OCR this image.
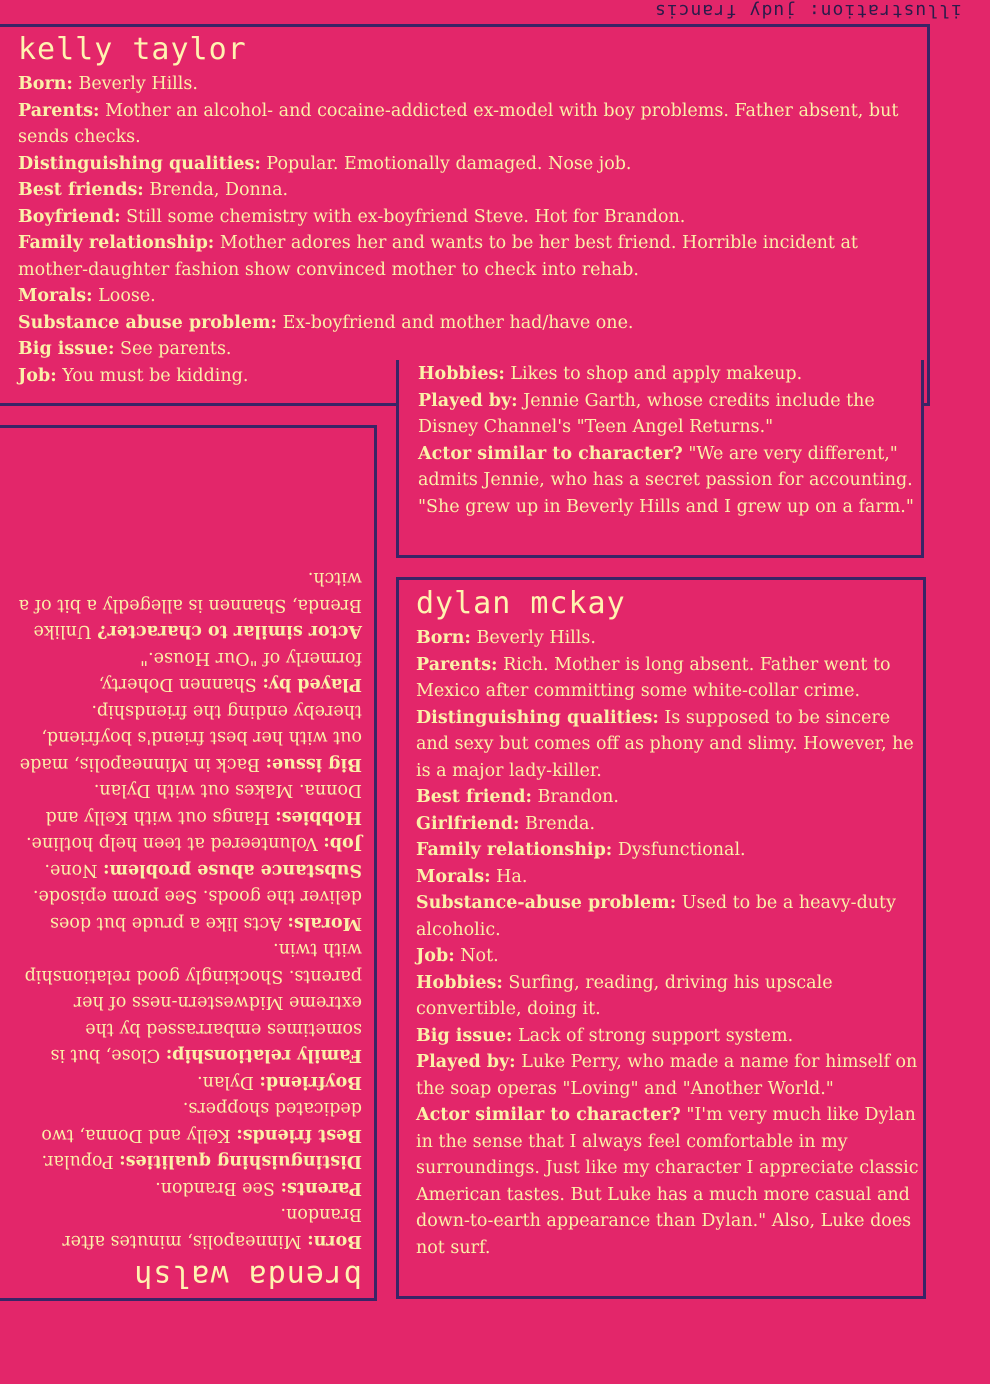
illustration: judy francis
kelly taylor

Born: Beverly Hills.

Parents: Mother an alcohol- and cocaine-addicted ex-model with boy problems. Father absent, but sends checks.

Distinguishing qualities: Popular. Emotionally damaged. Nose job.

Best friends: Brenda, Donna.

Boyfriend: Still some chemistry with ex-boyfriend Steve. Hot for Brandon.

Family relationship: Mother adores her and wants to be her best friend. Horrible incident at mother-daughter fashion show convinced mother to check into rehab.

Morals: Loose.

Substance abuse problem: Ex-boyfriend and mother had/have one.

Big issue: See parents.

Job: You must be kidding.	Hobbies: Likes to shop and apply makeup.

Played by: Jennie Garth, whose credits include the Disney Channel's "Teen Angel Returns."

Actor similar to character? "We are very different," admits Jennie, who has a secret passion for accounting. "She grew up in Beverly Hills and I grew up on a farm."

brenda walsh

Born: Minneapolis, minutes after Brandon.

Parents: See Brandon.

Distinguishing qualities: Popular.

Best friends: Kelly and Donna, two dedicated shoppers.

Boyfriend: Dylan.

Family relationship: Close, but is sometimes embarrassed by the extreme Midwestern-ness of her parents. Shockingly good relationship with twin.

Morals: Acts like a prude but does deliver the goods. See prom episode.

Substance abuse problem: None.

Job: Volunteered at teen help hotline.

Hobbies: Hangs out with Kelly and Donna. Makes out with Dylan.

Big issue: Back in Minneapolis, made out with her best friend's boyfriend, thereby ending the friendship.

Played by: Shannen Doherty, formerly of "Our House."

Actor similar to character? Unlike Brenda, Shannen is allegedly a bit of a witch.

dylan mckay

Born: Beverly Hills.

Parents: Rich. Mother is long absent. Father went to Mexico after committing some white-collar crime.

Distinguishing qualities: Is supposed to be sincere and sexy but comes off as phony and slimy. However, he is a major lady-killer.

Best friend: Brandon.

Girlfriend: Brenda.

Family relationship: Dysfunctional.

Morals: Ha.

Substance-abuse problem: Used to be a heavy-duty alcoholic.

Job: Not.

Hobbies: Surfing, reading, driving his upscale convertible, doing it.

Big issue: Lack of strong support system.

Played by: Luke Perry, who made a name for himself on the soap operas "Loving" and "Another World."

Actor similar to character? "I'm very much like Dylan in the sense that I always feel comfortable in my surroundings. Just like my character I appreciate classic American tastes. But Luke has a much more casual and down-to-earth appearance than Dylan." Also, Luke does not surf.
